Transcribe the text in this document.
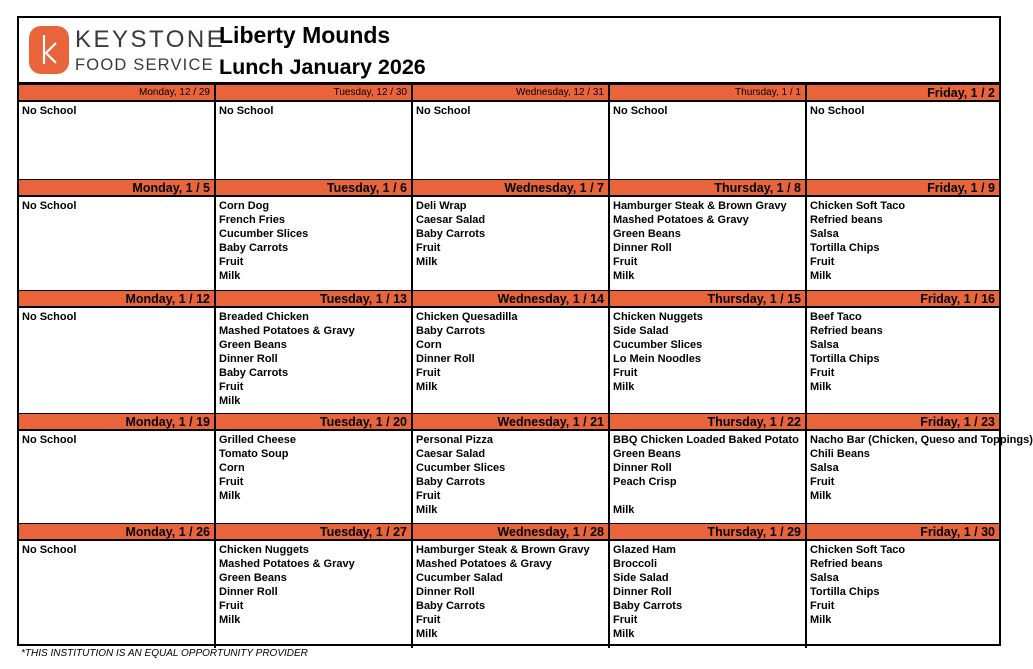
KEYSTONE
FOOD SERVICE
Liberty Mounds
Lunch January 2026
Monday, 12 / 29
No School
Tuesday, 12 / 30
No School
Wednesday, 12 / 31
No School
Thursday, 1 / 1
No School
Friday, 1 / 2
No School
Monday, 1 / 5
No School
Tuesday, 1 / 6
Corn Dog
French Fries
Cucumber Slices
Baby Carrots
Fruit
Milk
Wednesday, 1 / 7
Deli Wrap
Caesar Salad
Baby Carrots
Fruit
Milk
Thursday, 1 / 8
Hamburger Steak & Brown Gravy
Mashed Potatoes & Gravy
Green Beans
Dinner Roll
Fruit
Milk
Friday, 1 / 9
Chicken Soft Taco
Refried beans
Salsa
Tortilla Chips
Fruit
Milk
Monday, 1 / 12
No School
Tuesday, 1 / 13
Breaded Chicken
Mashed Potatoes & Gravy
Green Beans
Dinner Roll
Baby Carrots
Fruit
Milk
Wednesday, 1 / 14
Chicken Quesadilla
Baby Carrots
Corn
Dinner Roll
Fruit
Milk
Thursday, 1 / 15
Chicken Nuggets
Side Salad
Cucumber Slices
Lo Mein Noodles
Fruit
Milk
Friday, 1 / 16
Beef Taco
Refried beans
Salsa
Tortilla Chips
Fruit
Milk
Monday, 1 / 19
No School
Tuesday, 1 / 20
Grilled Cheese
Tomato Soup
Corn
Fruit
Milk
Wednesday, 1 / 21
Personal Pizza
Caesar Salad
Cucumber Slices
Baby Carrots
Fruit
Milk
Thursday, 1 / 22
BBQ Chicken Loaded Baked Potato
Green Beans
Dinner Roll
Peach Crisp
Milk
Friday, 1 / 23
Nacho Bar (Chicken, Queso and Toppings)
Chili Beans
Salsa
Fruit
Milk
Monday, 1 / 26
No School
Tuesday, 1 / 27
Chicken Nuggets
Mashed Potatoes & Gravy
Green Beans
Dinner Roll
Fruit
Milk
Wednesday, 1 / 28
Hamburger Steak & Brown Gravy
Mashed Potatoes & Gravy
Cucumber Salad
Dinner Roll
Baby Carrots
Fruit
Milk
Thursday, 1 / 29
Glazed Ham
Broccoli
Side Salad
Dinner Roll
Baby Carrots
Fruit
Milk
Friday, 1 / 30
Chicken Soft Taco
Refried beans
Salsa
Tortilla Chips
Fruit
Milk
*THIS INSTITUTION IS AN EQUAL OPPORTUNITY PROVIDER
